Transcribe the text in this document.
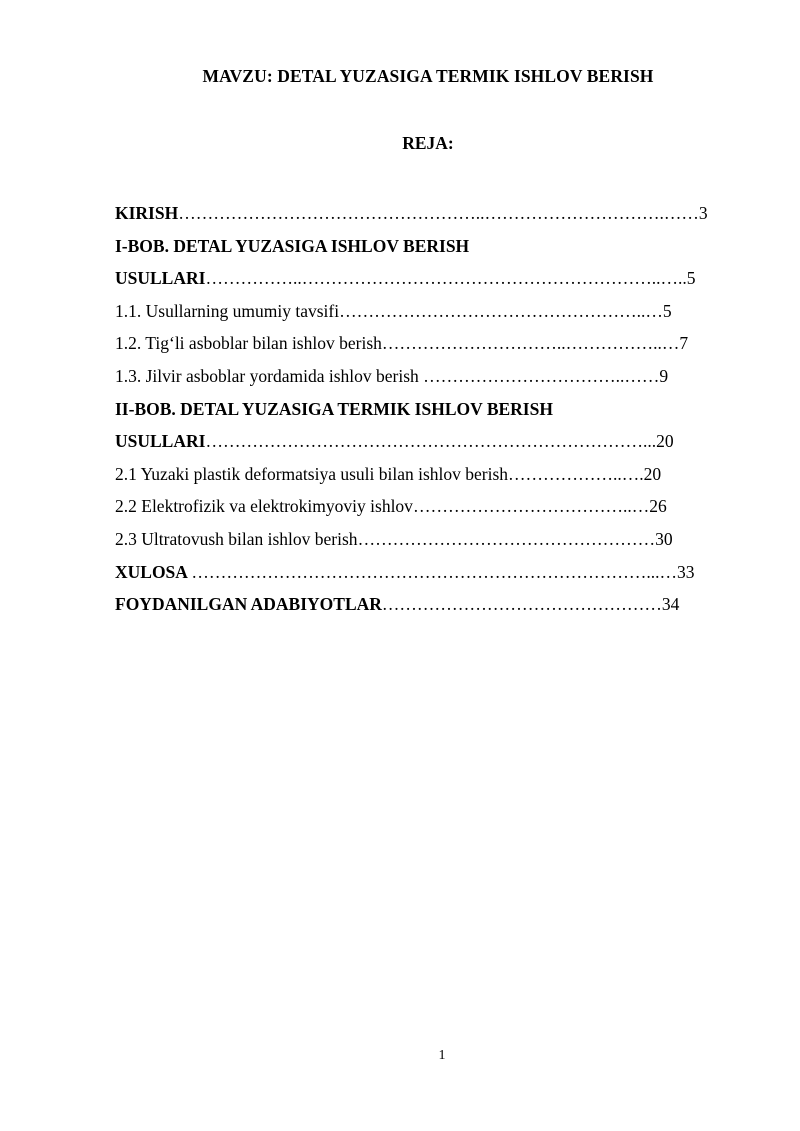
MAVZU: DETAL YUZASIGA TERMIK ISHLOV BERISH
REJA:
KIRISH……………………………………………..………………………….……3
I-BOB. DETAL YUZASIGA ISHLOV BERISH
USULLARI……………..……………………………………………………..…..5
1.1. Usullarning umumiy tavsifi……………………………………………..…5
1.2. Tig‘li asboblar bilan ishlov berish…………………………..……………..…7
1.3. Jilvir asboblar yordamida ishlov berish ……………………………..……9
II-BOB. DETAL YUZASIGA TERMIK ISHLOV BERISH
USULLARI…………………………………………………………………...20
2.1 Yuzaki plastik deformatsiya usuli bilan ishlov berish………………..….20
2.2 Elektrofizik va elektrokimyoviy ishlov………………………………..…26
2.3 Ultratovush bilan ishlov berish……………………………………………30
XULOSA ……………………………………………………………………...…33
FOYDANILGAN ADABIYOTLAR…………………………………………34
1
